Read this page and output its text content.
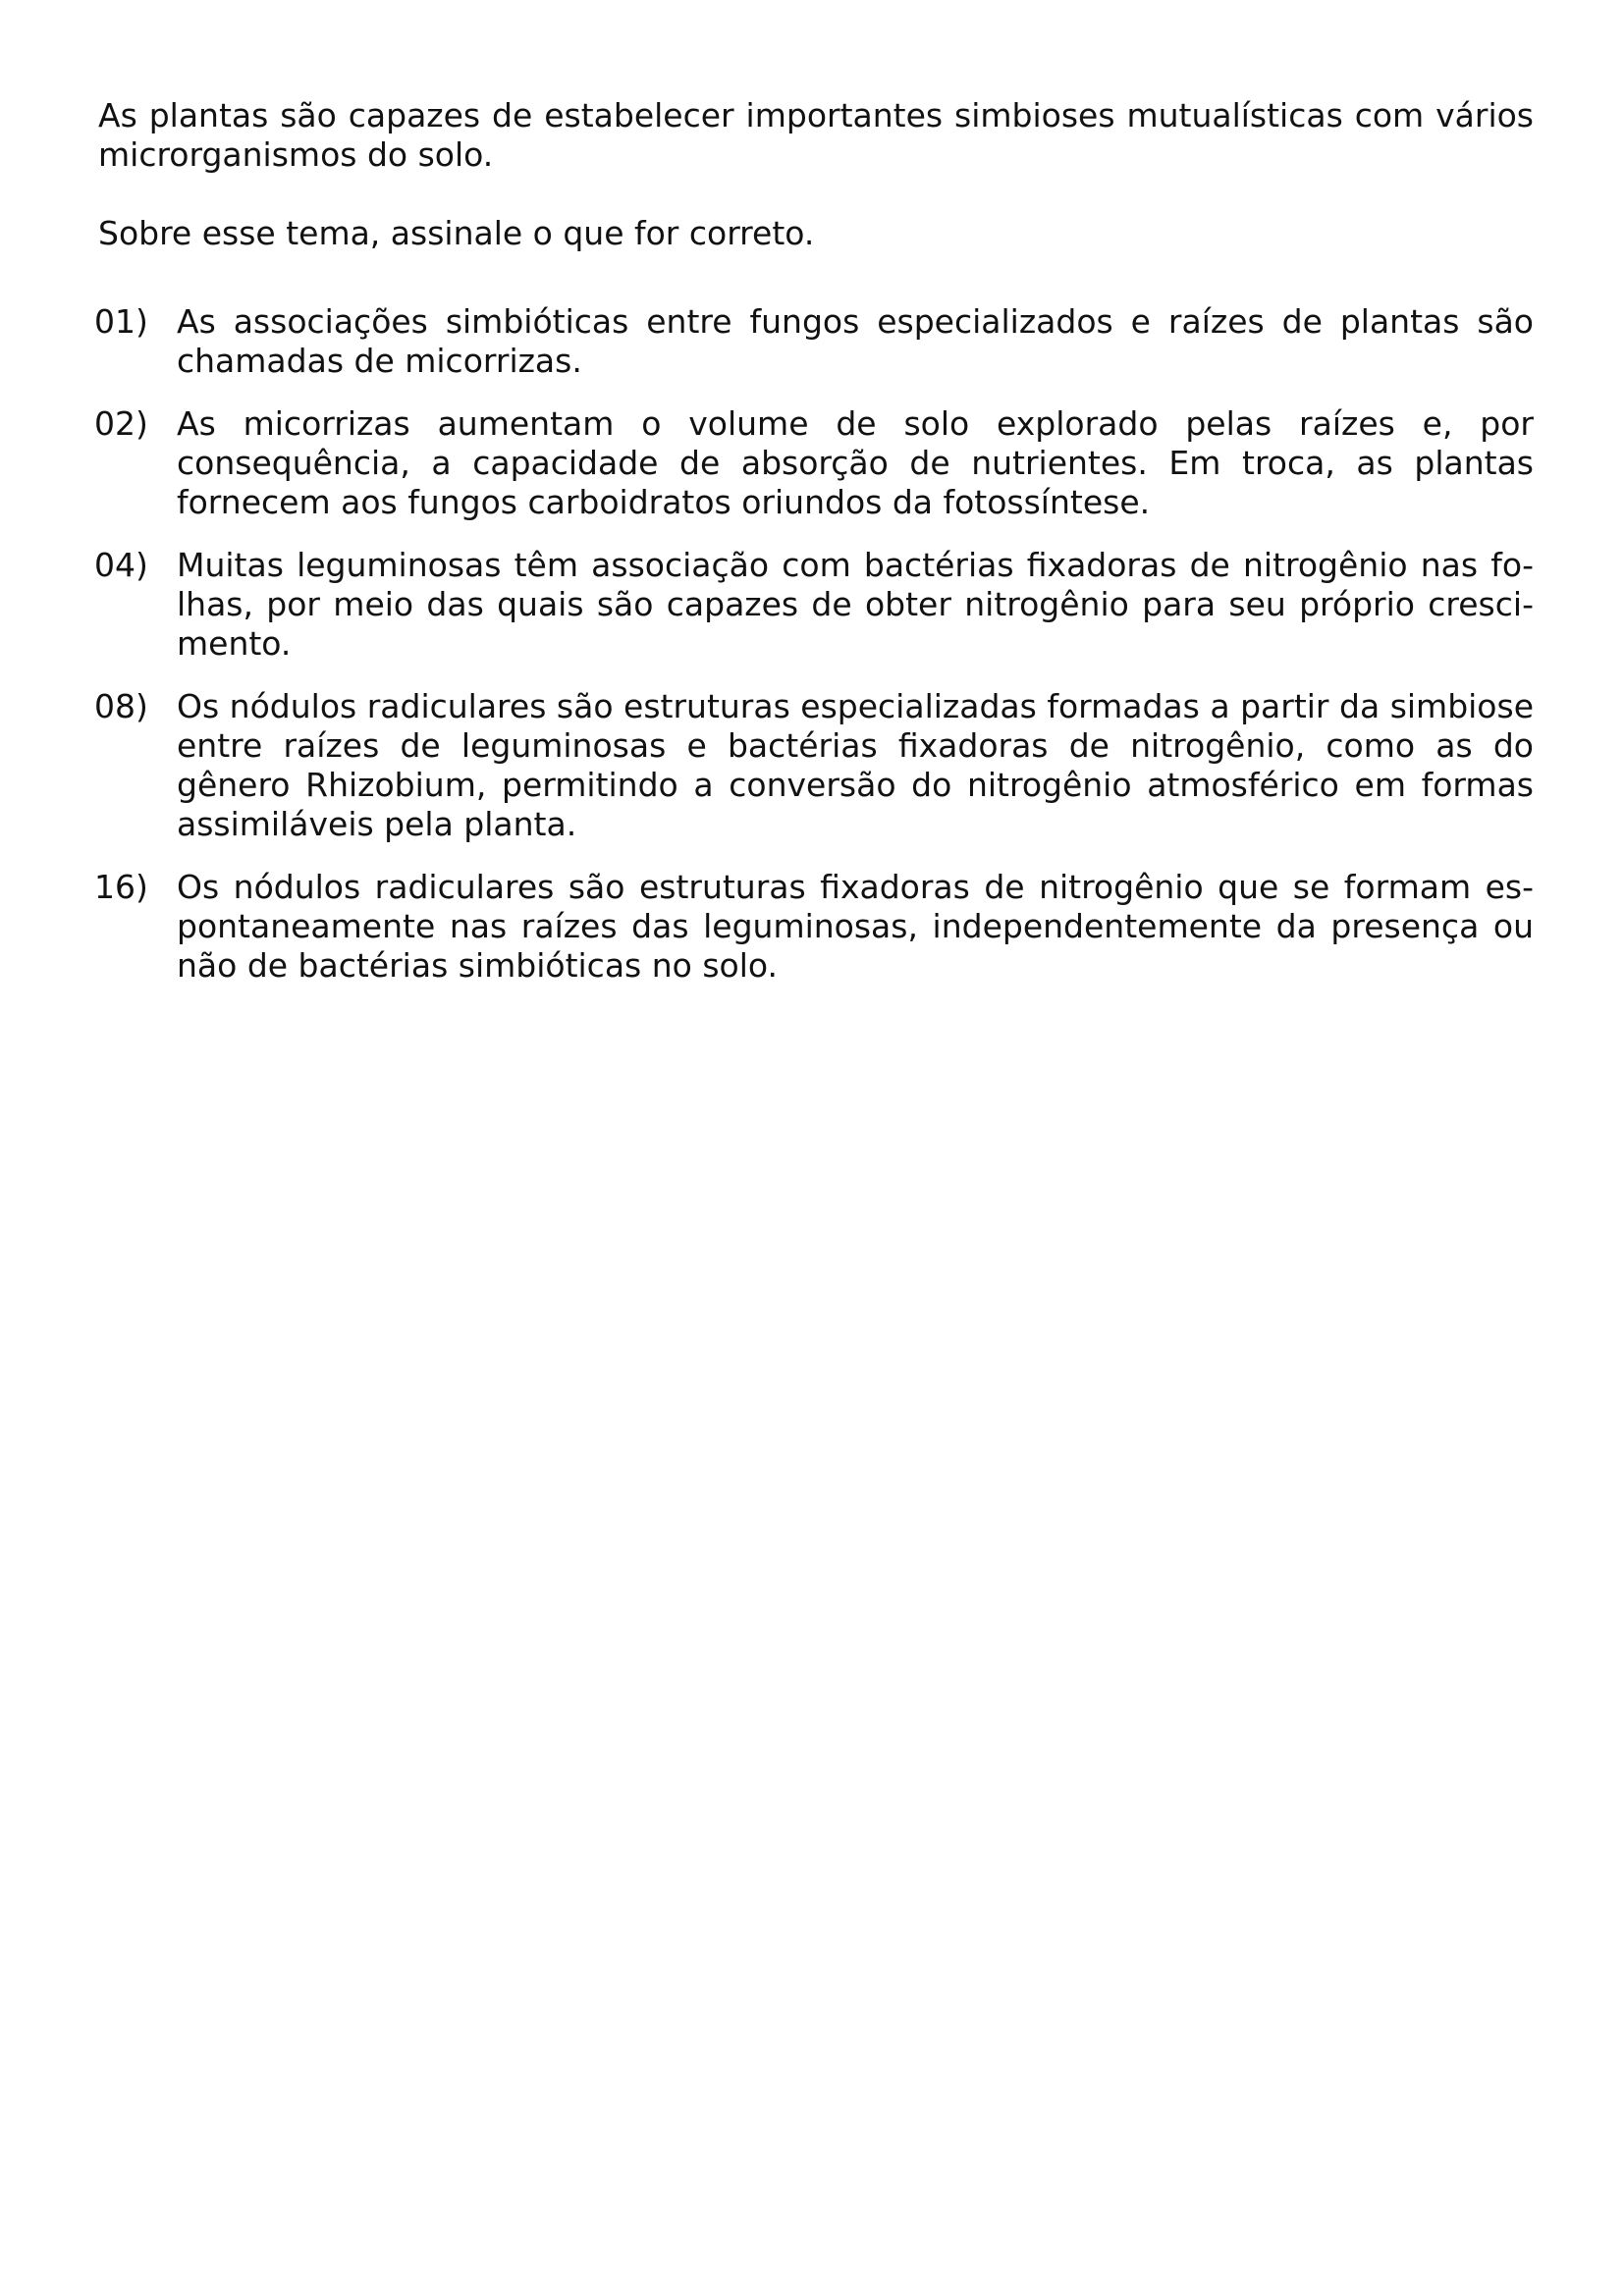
As plantas são capazes de estabelecer importantes simbioses mutualísticas com vários microrganismos do solo.

Sobre esse tema, assinale o que for correto.

01) As associações simbióticas entre fungos especializados e raízes de plantas são chamadas de micorrizas.
02) As micorrizas aumentam o volume de solo explorado pelas raízes e, por consequência, a capacidade de absorção de nutrientes. Em troca, as plantas fornecem aos fungos carboidratos oriundos da fotossíntese.
04) Muitas leguminosas têm associação com bactérias fixadoras de nitrogênio nas folhas, por meio das quais são capazes de obter nitrogênio para seu próprio crescimento.
08) Os nódulos radiculares são estruturas especializadas formadas a partir da simbiose entre raízes de leguminosas e bactérias fixadoras de nitrogênio, como as do gênero Rhizobium, permitindo a conversão do nitrogênio atmosférico em formas assimiláveis pela planta.
16) Os nódulos radiculares são estruturas fixadoras de nitrogênio que se formam espontaneamente nas raízes das leguminosas, independentemente da presença ou não de bactérias simbióticas no solo.
